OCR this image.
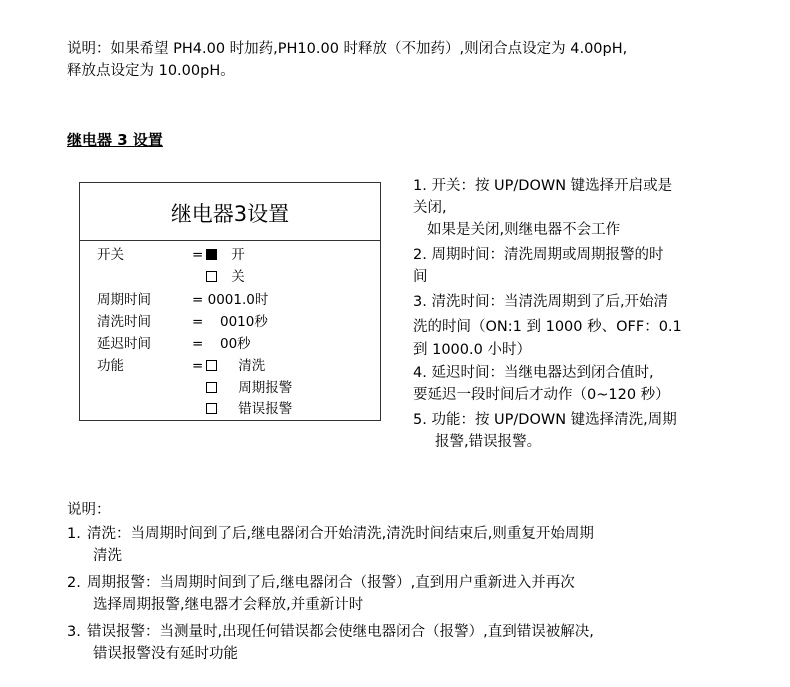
说明：如果希望 PH4.00 时加药,PH10.00 时释放（不加药）,则闭合点设定为 4.00pH,
释放点设定为 10.00pH。
继电器 3 设置
继电器3设置
开关	=	开
关
周期时间	= 0001.0时
清洗时间	= 0010秒
延迟时间	= 00秒
功能	=	清洗
周期报警
错误报警
1. 开关：按 UP/DOWN 键选择开启或是
关闭,
如果是关闭,则继电器不会工作
2. 周期时间：清洗周期或周期报警的时
间
3. 清洗时间：当清洗周期到了后,开始清
洗的时间（ON:1 到 1000 秒、OFF：0.1
到 1000.0 小时）
4. 延迟时间：当继电器达到闭合值时,
要延迟一段时间后才动作（0~120 秒）
5. 功能：按 UP/DOWN 键选择清洗,周期
报警,错误报警。
说明：
1. 清洗：当周期时间到了后,继电器闭合开始清洗,清洗时间结束后,则重复开始周期
清洗
2. 周期报警：当周期时间到了后,继电器闭合（报警）,直到用户重新进入并再次
选择周期报警,继电器才会释放,并重新计时
3. 错误报警：当测量时,出现任何错误都会使继电器闭合（报警）,直到错误被解决,
错误报警没有延时功能
